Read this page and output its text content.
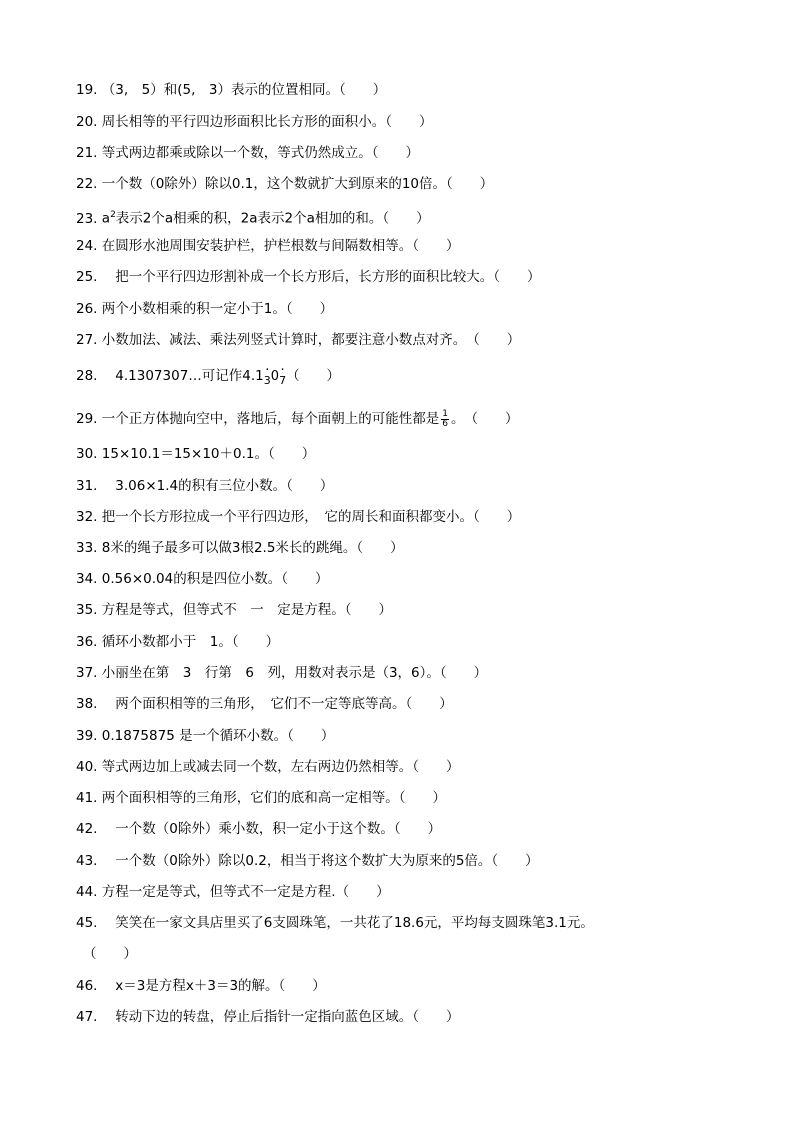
19. （3,　5）和(5,　3）表示的位置相同。（　　）
20. 周长相等的平行四边形面积比长方形的面积小。（　　）
21. 等式两边都乘或除以一个数，等式仍然成立。（　　）
22. 一个数（0除外）除以0.1，这个数就扩大到原来的10倍。（　　）
23. $a^2$表示2个a相乘的积，2a表示2个a相加的和。（　　）
24. 在圆形水池周围安装护栏，护栏根数与间隔数相等。（　　）
25. 　把一个平行四边形割补成一个长方形后，长方形的面积比较大。（　　）
26. 两个小数相乘的积一定小于1。（　　）
27. 小数加法、减法、乘法列竖式计算时，都要注意小数点对齐。　（　　）
28. 　4.1307307…可记作4.1· 30· 7（　　）
29. 一个正方体抛向空中，落地后，每个面朝上的可能性都是 $\frac{1}{6}$ 。　（　　）
30. 15×10.1＝15×10＋0.1。（　　）
31. 　3.06×1.4的积有三位小数。（　　）
32. 把一个长方形拉成一个平行四边形，　它的周长和面积都变小。（　　）
33. 8米的绳子最多可以做3根2.5米长的跳绳。（　　）
34. 0.56×0.04的积是四位小数。（　　）
35. 方程是等式，但等式不　一　定是方程。（　　）
36. 循环小数都小于　1。（　　）
37. 小丽坐在第　3　行第　6　列，用数对表示是（3，6）。（　　）
38. 　两个面积相等的三角形，　它们不一定等底等高。（　　）
39. 0.1875875 是一个循环小数。（　　）
40. 等式两边加上或减去同一个数，左右两边仍然相等。（　　）
41. 两个面积相等的三角形，它们的底和高一定相等。（　　）
42. 　一个数（0除外）乘小数，积一定小于这个数。（　　）
43. 　一个数（0除外）除以0.2，相当于将这个数扩大为原来的5倍。（　　）
44. 方程一定是等式，但等式不一定是方程.（　　）
45. 　笑笑在一家文具店里买了6支圆珠笔，一共花了18.6元，平均每支圆珠笔3.1元。
（　　）
46. 　x＝3是方程x＋3＝3的解。（　　）
47. 　转动下边的转盘，停止后指针一定指向蓝色区域。（　　）
